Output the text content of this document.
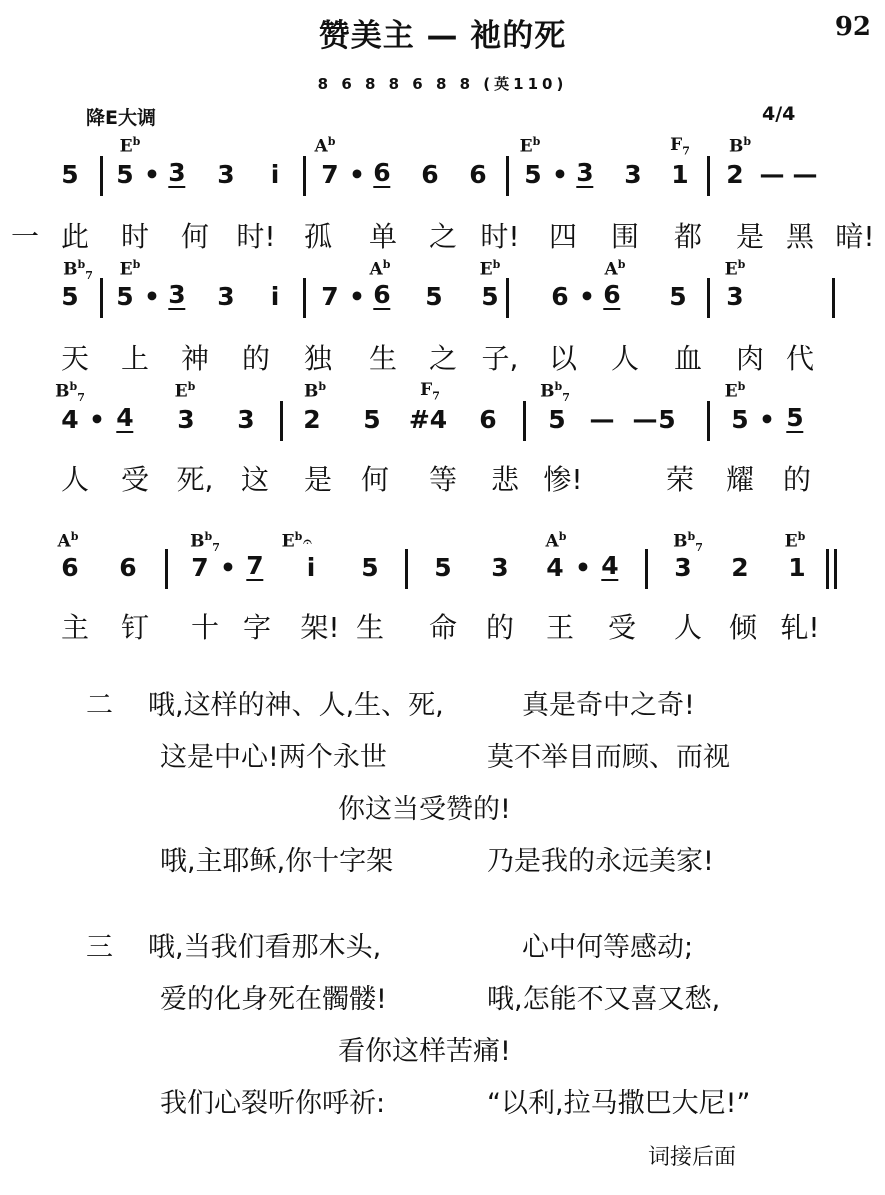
赞美主 — 祂的死	92
8 6 8 8 6 8 8 (英110)
降E大调	4/4
$E^b$	$A^b$	$E^b$	$F_7$ $B^b$
5 5 • 3 3 i 7 • 6 6 6 5 • 3 3 1 2 — —
一 此 时 何 时! 孤 单 之 时! 四 围 都 是 黑 暗!
$B^b_7$ $E^b$	$A^b$	$E^b$	$A^b$	$E^b$
5 5 • 3 3 i 7 • 6 5 5 6 • 6 5 3
天 上 神 的 独 生 之 子, 以 人 血 肉 代
$B^b_7$	$E^b$	$B^b$	$F_7$	$B^b_7$	$E^b$
4 • 4 3 3 2 5 #4 6 5 — — 5 5 • 5
人 受 死, 这 是 何 等 悲 惨!	荣 耀 的
$A^b$	$B^b_7$	$E^b$	$A^b$	$B^b_7$	$E^b$
6 6 7 • 7 i 5 5 3 4 • 4 3 2 1
主 钉 十 字 架! 生 命 的 王 受 人 倾 轧!
𝄐
二 哦,这样的神、人,生、死,	真是奇中之奇!
这是中心!两个永世	莫不举目而顾、而视
你这当受赞的!
哦,主耶稣,你十字架	乃是我的永远美家!
三 哦,当我们看那木头,	心中何等感动;
爱的化身死在髑髅!	哦,怎能不又喜又愁,
看你这样苦痛!
我们心裂听你呼祈:	“以利,拉马撒巴大尼!”
词接后面
